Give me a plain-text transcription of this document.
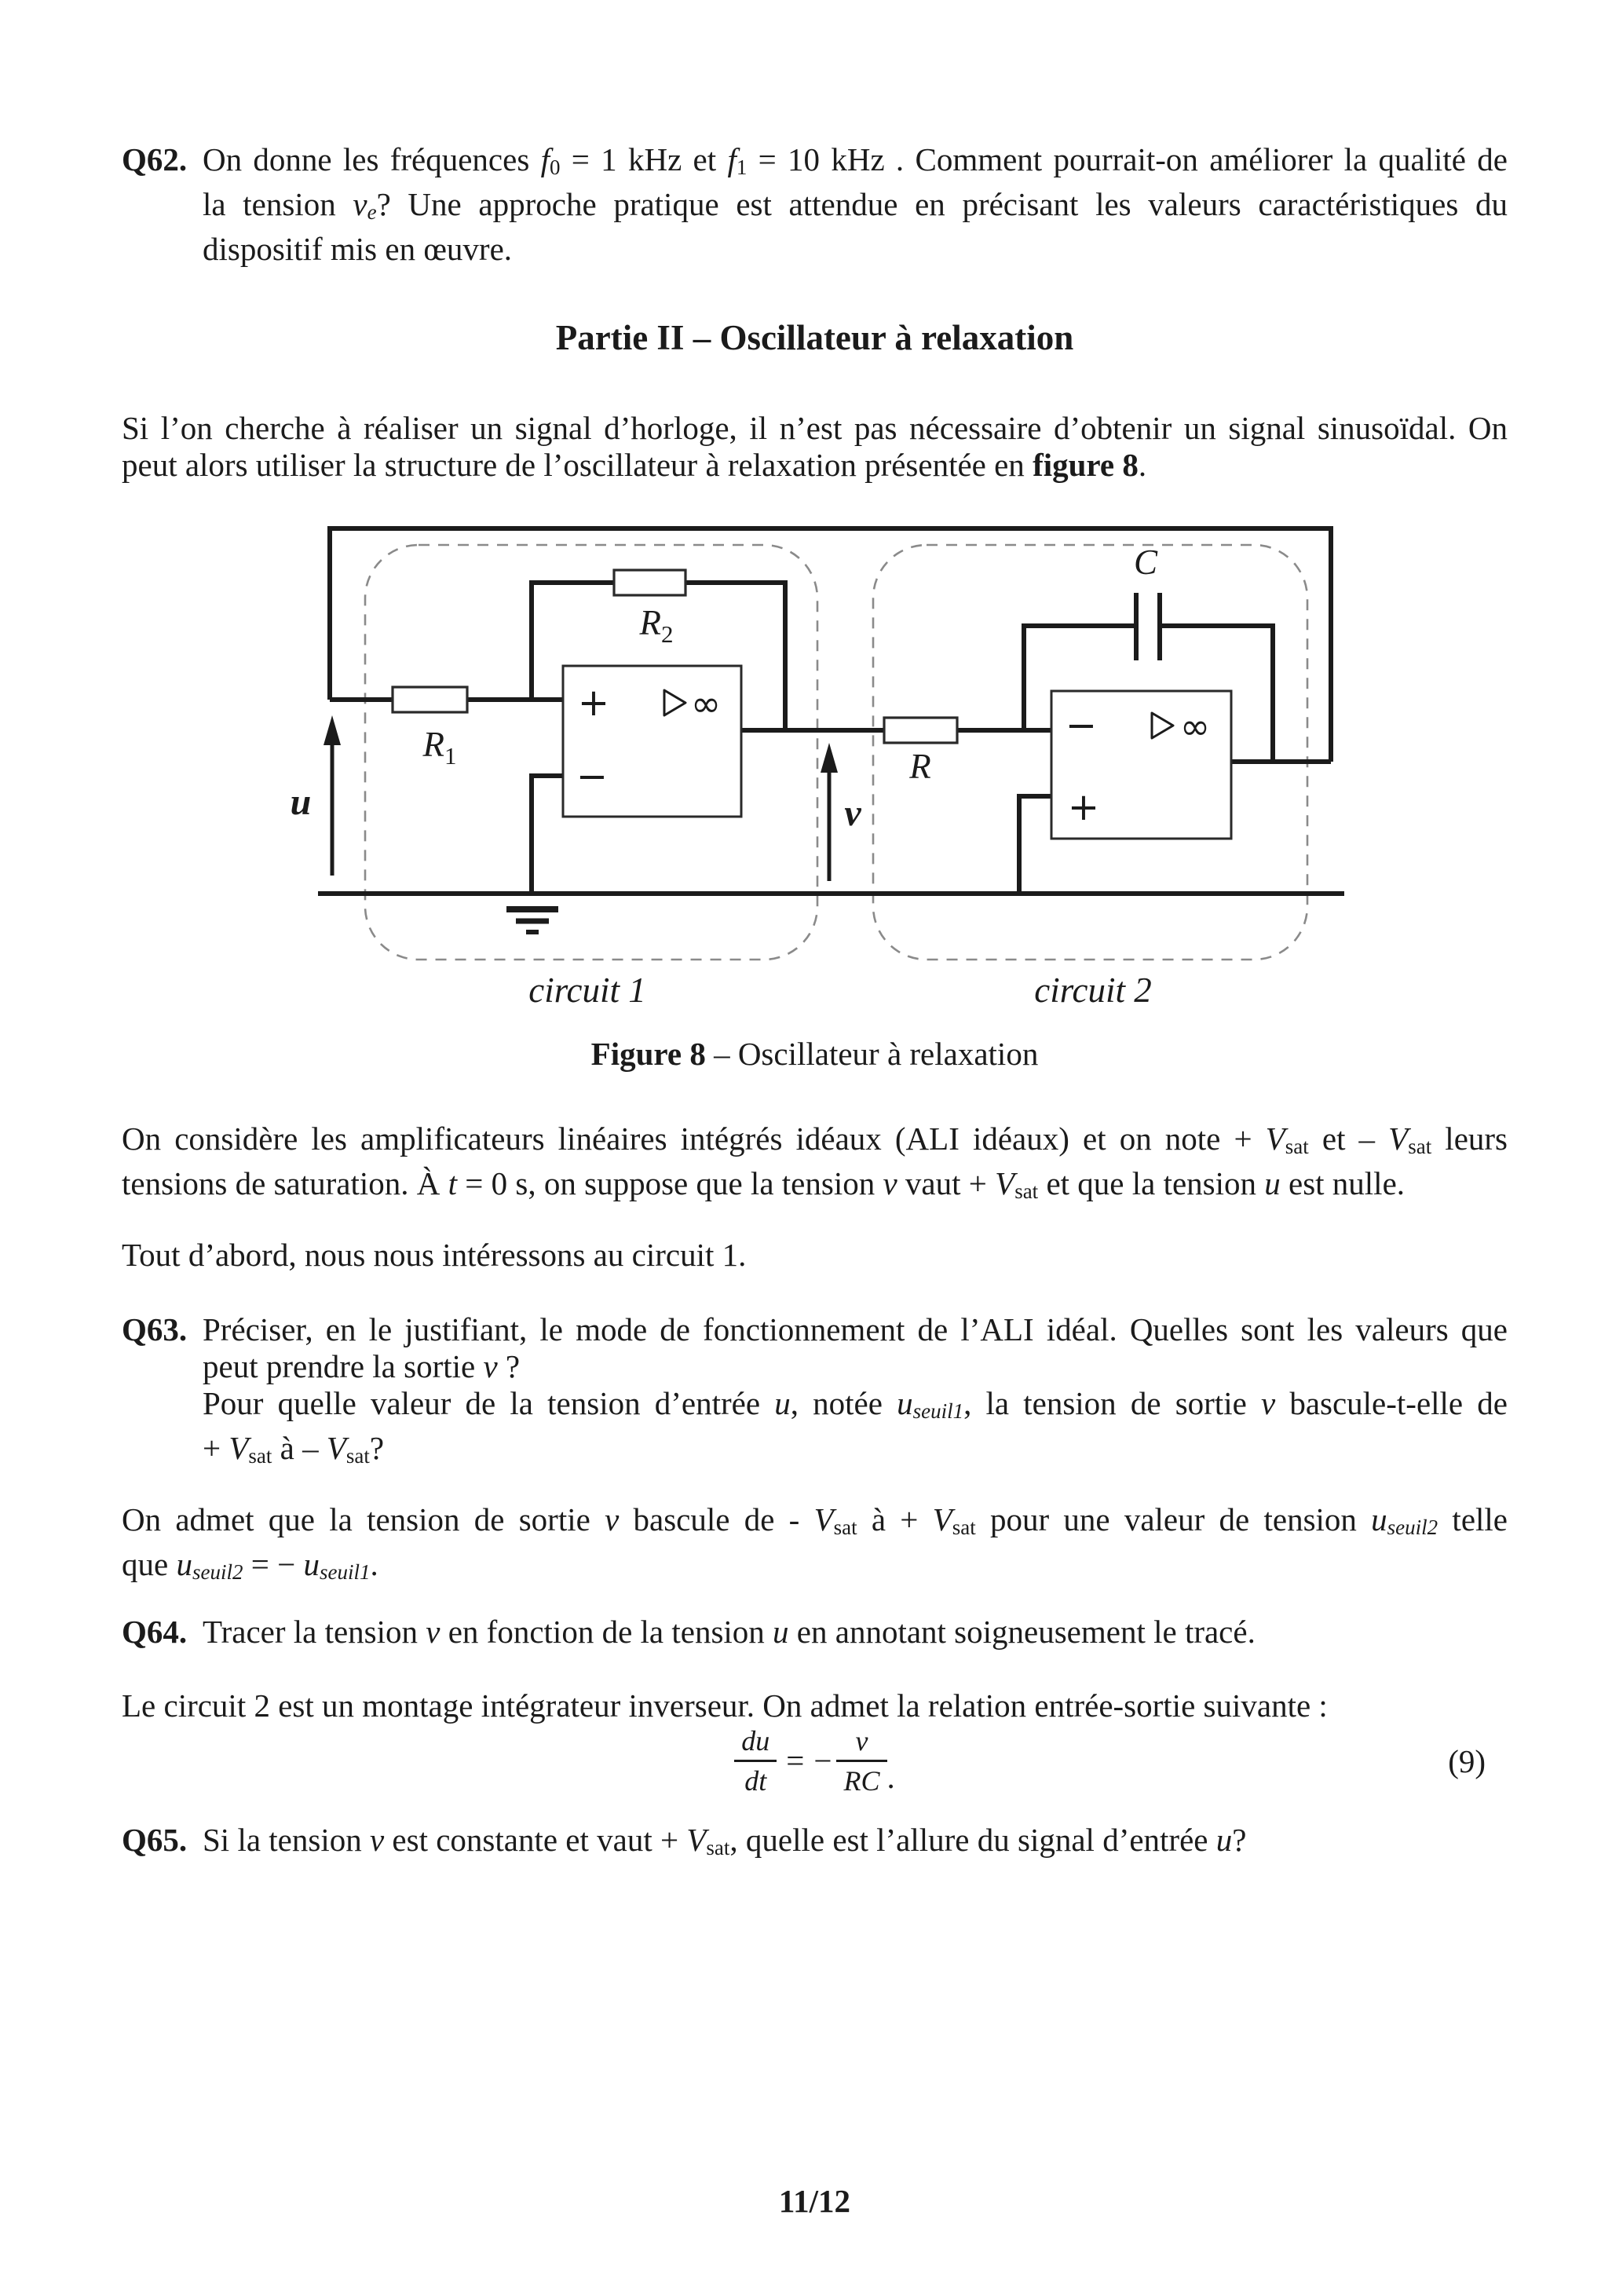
Q62. On donne les fréquences f0 = 1 kHz et f1 = 10 kHz . Comment pourrait-on améliorer la qualité de
la tension ve? Une approche pratique est attendue en précisant les valeurs caractéristiques du
dispositif mis en œuvre.
Partie II – Oscillateur à relaxation
Si l’on cherche à réaliser un signal d’horloge, il n’est pas nécessaire d’obtenir un signal sinusoïdal. On
peut alors utiliser la structure de l’oscillateur à relaxation présentée en figure 8.
+
−
∞	−
+
∞
u	v
$R_1$
$R_2$
R
C
circuit 1	circuit 2
Figure 8 – Oscillateur à relaxation
On considère les amplificateurs linéaires intégrés idéaux (ALI idéaux) et on note + Vsat et – Vsat leurs
tensions de saturation. À t = 0 s, on suppose que la tension v vaut + Vsat et que la tension u est nulle.
Tout d’abord, nous nous intéressons au circuit 1.
Q63. Préciser, en le justifiant, le mode de fonctionnement de l’ALI idéal. Quelles sont les valeurs que
peut prendre la sortie v ?
Pour quelle valeur de la tension d’entrée u, notée useuil1, la tension de sortie v bascule-t-elle de
+ Vsat à – Vsat?
On admet que la tension de sortie v bascule de - Vsat à + Vsat pour une valeur de tension useuil2 telle
que useuil2 = − useuil1.
Q64. Tracer la tension v en fonction de la tension u en annotant soigneusement le tracé.
Le circuit 2 est un montage intégrateur inverseur. On admet la relation entrée-sortie suivante :
$\frac{du}{dt}$ = − $\frac{v}{RC}$ .	(9)
Q65. Si la tension v est constante et vaut + Vsat, quelle est l’allure du signal d’entrée u?
11/12
